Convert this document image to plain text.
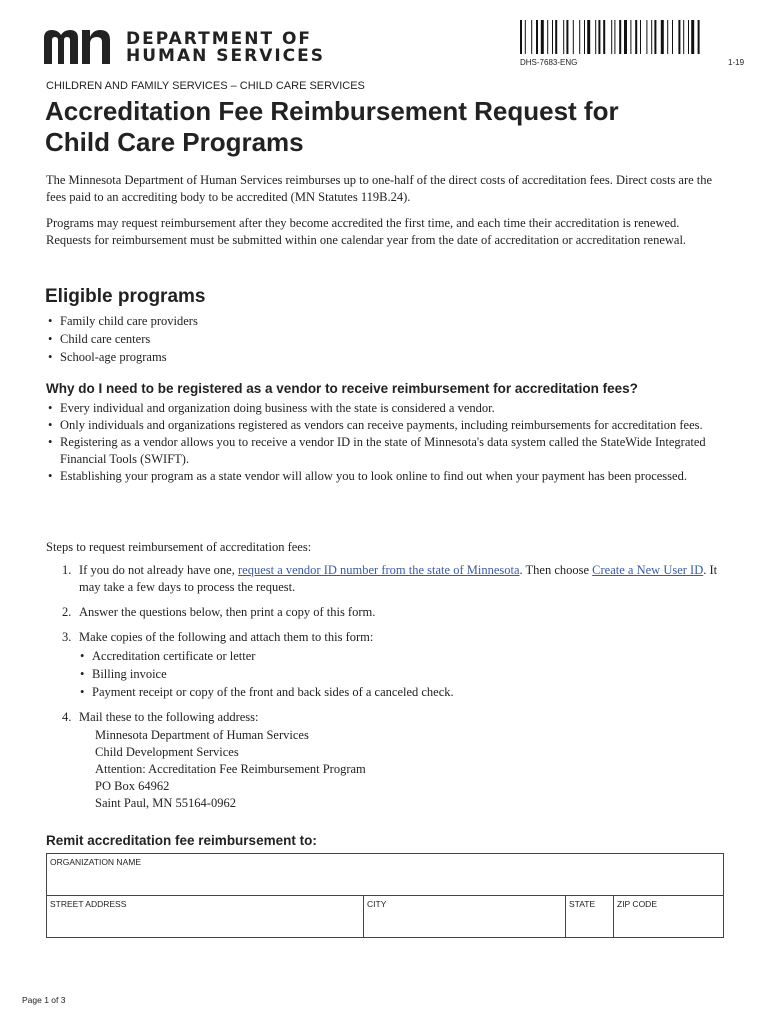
DEPARTMENT OF
HUMAN SERVICES	DHS-7683-ENG	1-19
CHILDREN AND FAMILY SERVICES – CHILD CARE SERVICES
Accreditation Fee Reimbursement Request for
Child Care Programs
The Minnesota Department of Human Services reimburses up to one-half of the direct costs of accreditation fees. Direct costs are the fees paid to an accrediting body to be accredited (MN Statutes 119B.24).
Programs may request reimbursement after they become accredited the first time, and each time their accreditation is renewed. Requests for reimbursement must be submitted within one calendar year from the date of accreditation or accreditation renewal.
Eligible programs
• Family child care providers
• Child care centers
• School-age programs
Why do I need to be registered as a vendor to receive reimbursement for accreditation fees?
• Every individual and organization doing business with the state is considered a vendor.
• Only individuals and organizations registered as vendors can receive payments, including reimbursements for accreditation fees.
• Registering as a vendor allows you to receive a vendor ID in the state of Minnesota's data system called the StateWide Integrated Financial Tools (SWIFT).
• Establishing your program as a state vendor will allow you to look online to find out when your payment has been processed.
Steps to request reimbursement of accreditation fees:
1. If you do not already have one, request a vendor ID number from the state of Minnesota. Then choose Create a New User ID. It may take a few days to process the request.
2. Answer the questions below, then print a copy of this form.
3. Make copies of the following and attach them to this form:
• Accreditation certificate or letter
• Billing invoice
• Payment receipt or copy of the front and back sides of a canceled check.
4. Mail these to the following address:
Minnesota Department of Human Services
Child Development Services
Attention: Accreditation Fee Reimbursement Program
PO Box 64962
Saint Paul, MN 55164-0962
Remit accreditation fee reimbursement to:
ORGANIZATION NAME
STREET ADDRESS	CITY	STATE	ZIP CODE
Page 1 of 3
